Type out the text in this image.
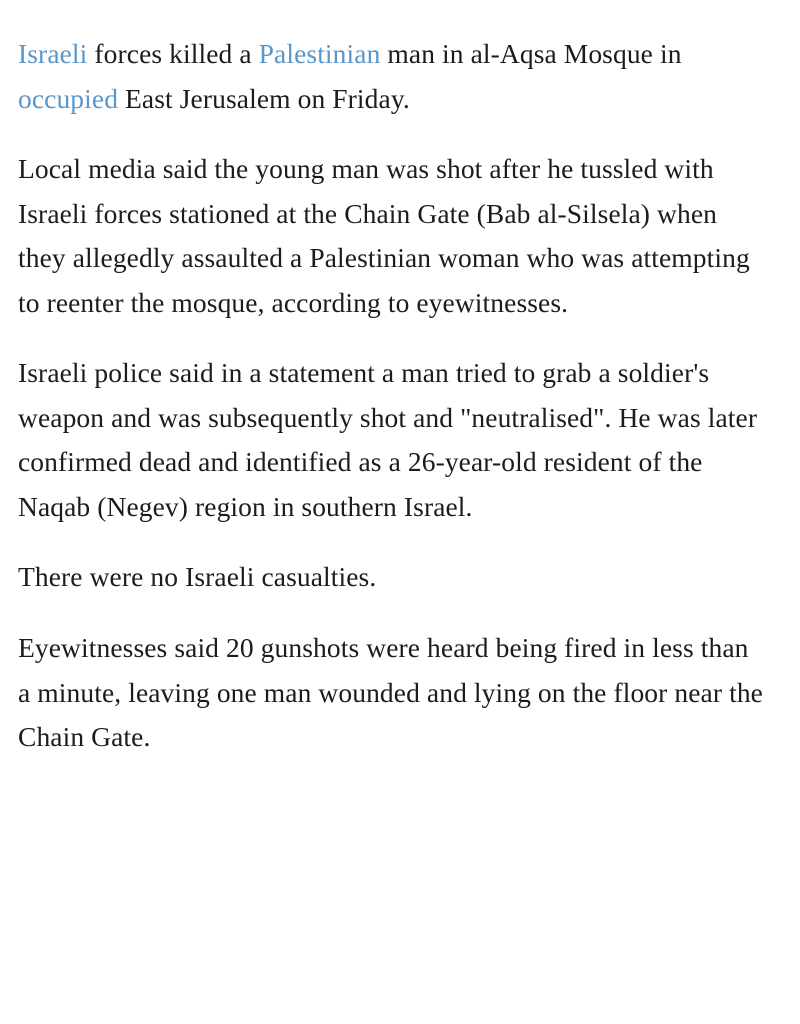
Israeli forces killed a Palestinian man in al-Aqsa Mosque in occupied East Jerusalem on Friday.

Local media said the young man was shot after he tussled with Israeli forces stationed at the Chain Gate (Bab al-Silsela) when they allegedly assaulted a Palestinian woman who was attempting to reenter the mosque, according to eyewitnesses.

Israeli police said in a statement a man tried to grab a soldier's weapon and was subsequently shot and "neutralised". He was later confirmed dead and identified as a 26-year-old resident of the Naqab (Negev) region in southern Israel.

There were no Israeli casualties.

Eyewitnesses said 20 gunshots were heard being fired in less than a minute, leaving one man wounded and lying on the floor near the Chain Gate.
